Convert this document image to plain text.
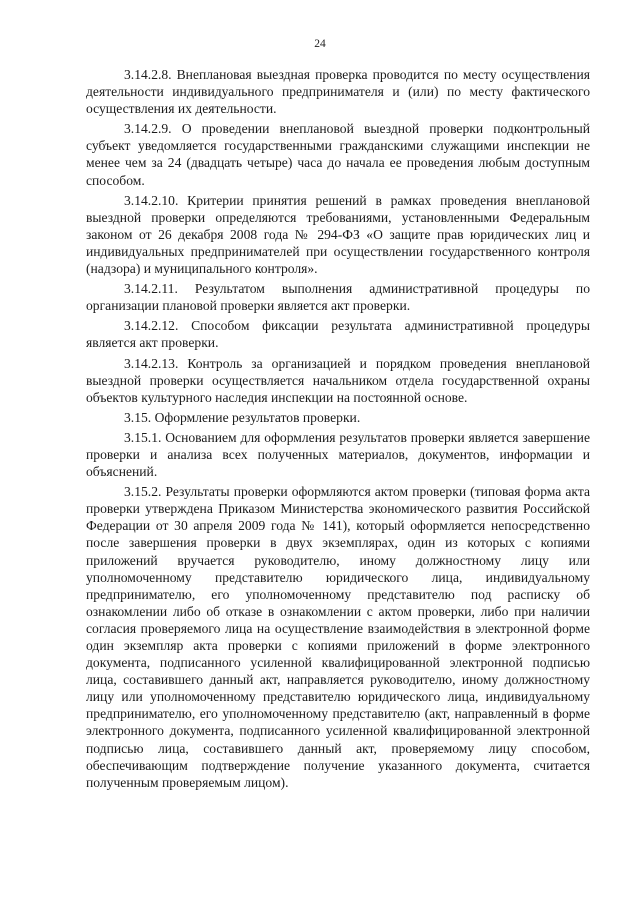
24

3.14.2.8. Внеплановая выездная проверка проводится по месту осуществления деятельности индивидуального предпринимателя и (или) по месту фактического осуществления их деятельности.

3.14.2.9. О проведении внеплановой выездной проверки подконтрольный субъект уведомляется государственными гражданскими служащими инспекции не менее чем за 24 (двадцать четыре) часа до начала ее проведения любым доступным способом.

3.14.2.10. Критерии принятия решений в рамках проведения внеплановой выездной проверки определяются требованиями, установленными Федеральным законом от 26 декабря 2008 года № 294-ФЗ «О защите прав юридических лиц и индивидуальных предпринимателей при осуществлении государственного контроля (надзора) и муниципального контроля».

3.14.2.11. Результатом выполнения административной процедуры по организации плановой проверки является акт проверки.

3.14.2.12. Способом фиксации результата административной процедуры является акт проверки.

3.14.2.13. Контроль за организацией и порядком проведения внеплановой выездной проверки осуществляется начальником отдела государственной охраны объектов культурного наследия инспекции на постоянной основе.

3.15. Оформление результатов проверки.

3.15.1. Основанием для оформления результатов проверки является завершение проверки и анализа всех полученных материалов, документов, информации и объяснений.

3.15.2. Результаты проверки оформляются актом проверки (типовая форма акта проверки утверждена Приказом Министерства экономического развития Российской Федерации от 30 апреля 2009 года № 141), который оформляется непосредственно после завершения проверки в двух экземплярах, один из которых с копиями приложений вручается руководителю, иному должностному лицу или уполномоченному представителю юридического лица, индивидуальному предпринимателю, его уполномоченному представителю под расписку об ознакомлении либо об отказе в ознакомлении с актом проверки, либо при наличии согласия проверяемого лица на осуществление взаимодействия в электронной форме один экземпляр акта проверки с копиями приложений в форме электронного документа, подписанного усиленной квалифицированной электронной подписью лица, составившего данный акт, направляется руководителю, иному должностному лицу или уполномоченному представителю юридического лица, индивидуальному предпринимателю, его уполномоченному представителю (акт, направленный в форме электронного документа, подписанного усиленной квалифицированной электронной подписью лица, составившего данный акт, проверяемому лицу способом, обеспечивающим подтверждение получение указанного документа, считается полученным проверяемым лицом).
